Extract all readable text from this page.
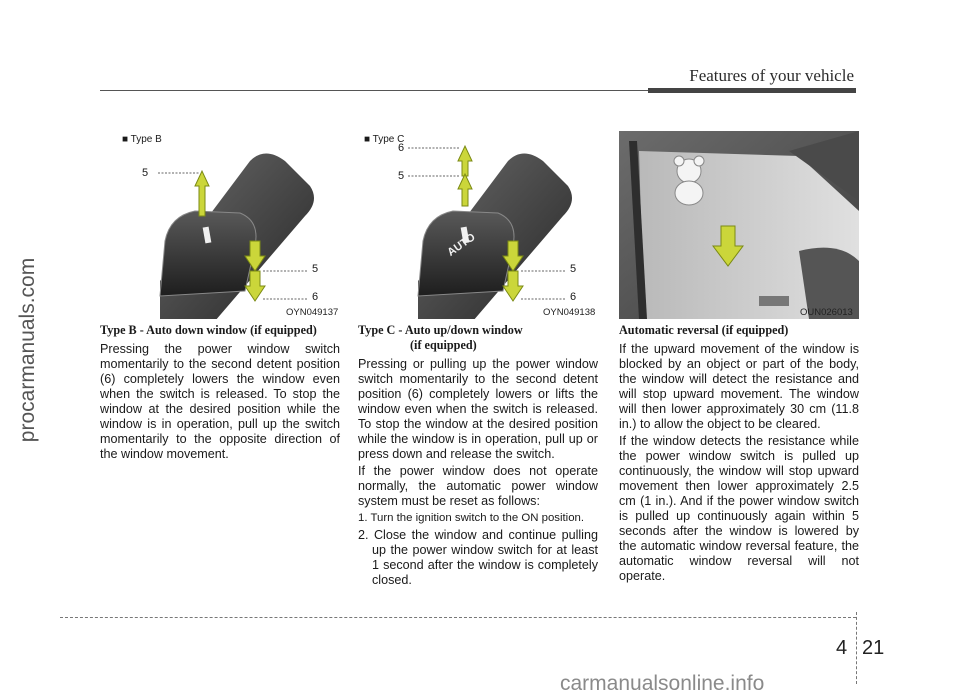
Features of your vehicle
procarmanuals.com
■ Type B
5
5
6
OYN049137
■ Type C
6
5
5
6
AUTO
OYN049138	OUN026013
Type B - Auto down window (if equipped)

Pressing the power window switch momentarily to the second detent position (6) completely lowers the window even when the switch is released. To stop the window at the desired position while the window is in operation, pull up the switch momentarily to the opposite direction of the window movement.

Type C - Auto up/down window
(if equipped)

Pressing or pulling up the power window switch momentarily to the second detent position (6) completely lowers or lifts the window even when the switch is released. To stop the window at the desired position while the window is in operation, pull up or press down and release the switch.

If the power window does not operate normally, the automatic power window system must be reset as follows:

1. Turn the ignition switch to the ON position.

2. Close the window and continue pulling up the power window switch for at least 1 second after the window is completely closed.

Automatic reversal (if equipped)

If the upward movement of the window is blocked by an object or part of the body, the window will detect the resistance and will stop upward movement. The window will then lower approximately 30 cm (11.8 in.) to allow the object to be cleared.

If the window detects the resistance while the power window switch is pulled up continuously, the window will stop upward movement then lower approximately 2.5 cm (1 in.). And if the power window switch is pulled up continuously again within 5 seconds after the window is lowered by the automatic window reversal feature, the automatic window reversal will not operate.

4 21
carmanualsonline.info
